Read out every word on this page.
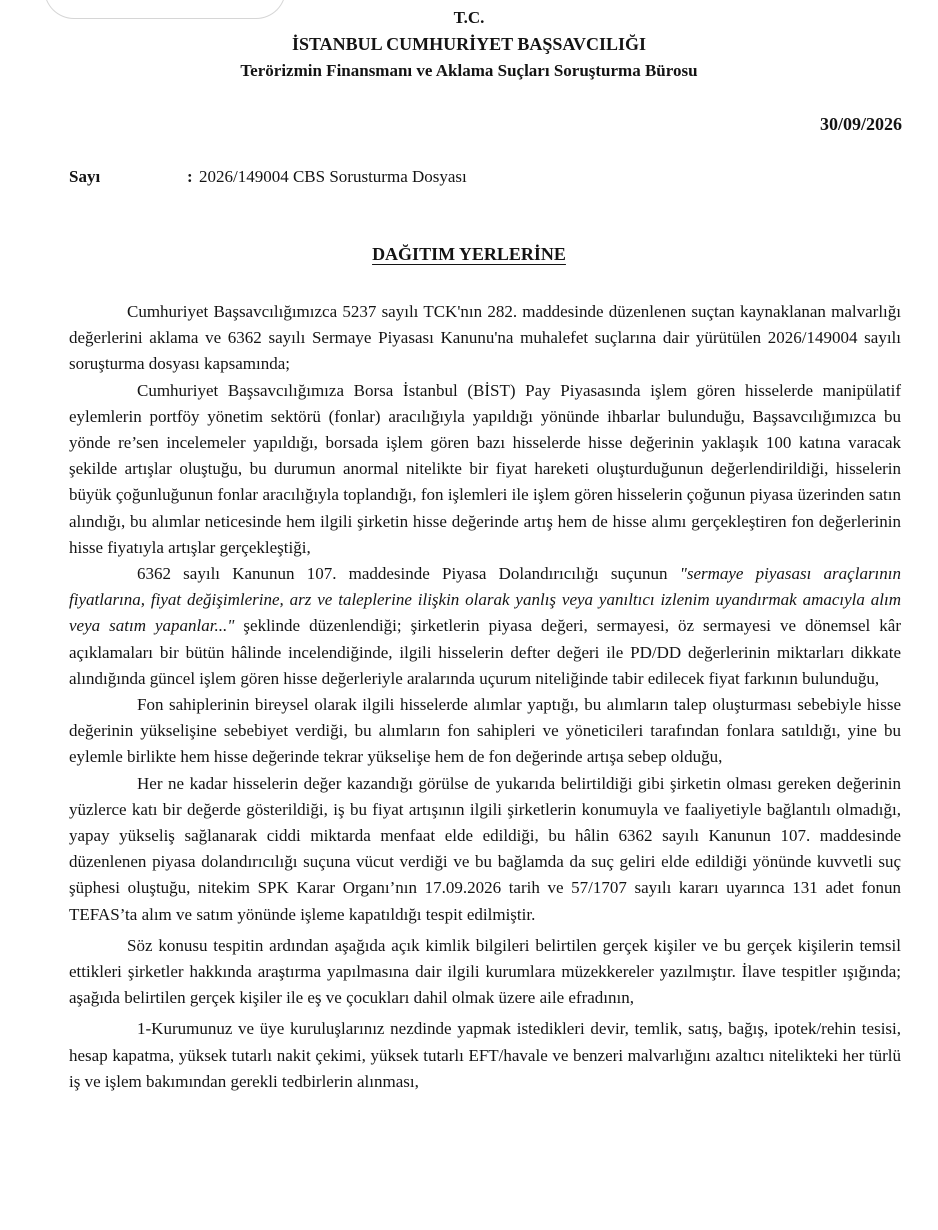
T.C.
İSTANBUL CUMHURİYET BAŞSAVCILIĞI
Terörizmin Finansmanı ve Aklama Suçları Soruşturma Bürosu
30/09/2026
Sayı	: 2026/149004 CBS Sorusturma Dosyası
DAĞITIM YERLERİNE

Cumhuriyet Başsavcılığımızca 5237 sayılı TCK'nın 282. maddesinde düzenlenen suçtan kaynaklanan malvarlığı değerlerini aklama ve 6362 sayılı Sermaye Piyasası Kanunu'na muhalefet suçlarına dair yürütülen 2026/149004 sayılı soruşturma dosyası kapsamında;

Cumhuriyet Başsavcılığımıza Borsa İstanbul (BİST) Pay Piyasasında işlem gören hisselerde manipülatif eylemlerin portföy yönetim sektörü (fonlar) aracılığıyla yapıldığı yönünde ihbarlar bulunduğu, Başsavcılığımızca bu yönde re’sen incelemeler yapıldığı, borsada işlem gören bazı hisselerde hisse değerinin yaklaşık 100 katına varacak şekilde artışlar oluştuğu, bu durumun anormal nitelikte bir fiyat hareketi oluşturduğunun değerlendirildiği, hisselerin büyük çoğunluğunun fonlar aracılığıyla toplandığı, fon işlemleri ile işlem gören hisselerin çoğunun piyasa üzerinden satın alındığı, bu alımlar neticesinde hem ilgili şirketin hisse değerinde artış hem de hisse alımı gerçekleştiren fon değerlerinin hisse fiyatıyla artışlar gerçekleştiği,

6362 sayılı Kanunun 107. maddesinde Piyasa Dolandırıcılığı suçunun "sermaye piyasası araçlarının fiyatlarına, fiyat değişimlerine, arz ve taleplerine ilişkin olarak yanlış veya yanıltıcı izlenim uyandırmak amacıyla alım veya satım yapanlar..." şeklinde düzenlendiği; şirketlerin piyasa değeri, sermayesi, öz sermayesi ve dönemsel kâr açıklamaları bir bütün hâlinde incelendiğinde, ilgili hisselerin defter değeri ile PD/DD değerlerinin miktarları dikkate alındığında güncel işlem gören hisse değerleriyle aralarında uçurum niteliğinde tabir edilecek fiyat farkının bulunduğu,

Fon sahiplerinin bireysel olarak ilgili hisselerde alımlar yaptığı, bu alımların talep oluşturması sebebiyle hisse değerinin yükselişine sebebiyet verdiği, bu alımların fon sahipleri ve yöneticileri tarafından fonlara satıldığı, yine bu eylemle birlikte hem hisse değerinde tekrar yükselişe hem de fon değerinde artışa sebep olduğu,

Her ne kadar hisselerin değer kazandığı görülse de yukarıda belirtildiği gibi şirketin olması gereken değerinin yüzlerce katı bir değerde gösterildiği, iş bu fiyat artışının ilgili şirketlerin konumuyla ve faaliyetiyle bağlantılı olmadığı, yapay yükseliş sağlanarak ciddi miktarda menfaat elde edildiği, bu hâlin 6362 sayılı Kanunun 107. maddesinde düzenlenen piyasa dolandırıcılığı suçuna vücut verdiği ve bu bağlamda da suç geliri elde edildiği yönünde kuvvetli suç şüphesi oluştuğu, nitekim SPK Karar Organı’nın 17.09.2026 tarih ve 57/1707 sayılı kararı uyarınca 131 adet fonun TEFAS’ta alım ve satım yönünde işleme kapatıldığı tespit edilmiştir.

Söz konusu tespitin ardından aşağıda açık kimlik bilgileri belirtilen gerçek kişiler ve bu gerçek kişilerin temsil ettikleri şirketler hakkında araştırma yapılmasına dair ilgili kurumlara müzekkereler yazılmıştır. İlave tespitler ışığında; aşağıda belirtilen gerçek kişiler ile eş ve çocukları dahil olmak üzere aile efradının,

1-Kurumunuz ve üye kuruluşlarınız nezdinde yapmak istedikleri devir, temlik, satış, bağış, ipotek/rehin tesisi, hesap kapatma, yüksek tutarlı nakit çekimi, yüksek tutarlı EFT/havale ve benzeri malvarlığını azaltıcı nitelikteki her türlü iş ve işlem bakımından gerekli tedbirlerin alınması,
